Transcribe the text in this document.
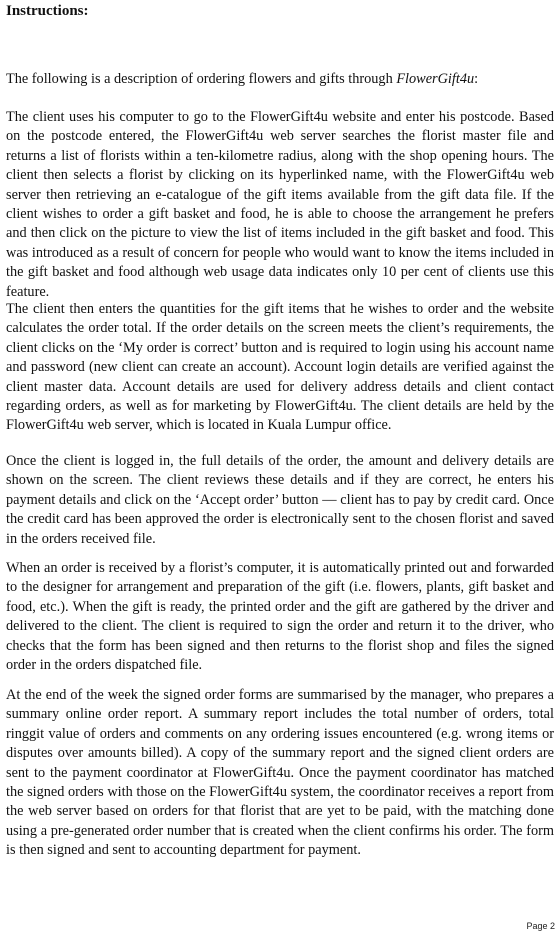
Instructions:

The following is a description of ordering flowers and gifts through FlowerGift4u:

The client uses his computer to go to the FlowerGift4u website and enter his postcode. Based on the postcode entered, the FlowerGift4u web server searches the florist master file and returns a list of florists within a ten-kilometre radius, along with the shop opening hours. The client then selects a florist by clicking on its hyperlinked name, with the FlowerGift4u web server then retrieving an e-catalogue of the gift items available from the gift data file. If the client wishes to order a gift basket and food, he is able to choose the arrangement he prefers and then click on the picture to view the list of items included in the gift basket and food. This was introduced as a result of concern for people who would want to know the items included in the gift basket and food although web usage data indicates only 10 per cent of clients use this feature.

The client then enters the quantities for the gift items that he wishes to order and the website calculates the order total. If the order details on the screen meets the client’s requirements, the client clicks on the ‘My order is correct’ button and is required to login using his account name and password (new client can create an account). Account login details are verified against the client master data. Account details are used for delivery address details and client contact regarding orders, as well as for marketing by FlowerGift4u. The client details are held by the FlowerGift4u web server, which is located in Kuala Lumpur office.

Once the client is logged in, the full details of the order, the amount and delivery details are shown on the screen. The client reviews these details and if they are correct, he enters his payment details and click on the ‘Accept order’ button — client has to pay by credit card. Once the credit card has been approved the order is electronically sent to the chosen florist and saved in the orders received file.

When an order is received by a florist’s computer, it is automatically printed out and forwarded to the designer for arrangement and preparation of the gift (i.e. flowers, plants, gift basket and food, etc.). When the gift is ready, the printed order and the gift are gathered by the driver and delivered to the client. The client is required to sign the order and return it to the driver, who checks that the form has been signed and then returns to the florist shop and files the signed order in the orders dispatched file.

At the end of the week the signed order forms are summarised by the manager, who prepares a summary online order report. A summary report includes the total number of orders, total ringgit value of orders and comments on any ordering issues encountered (e.g. wrong items or disputes over amounts billed). A copy of the summary report and the signed client orders are sent to the payment coordinator at FlowerGift4u. Once the payment coordinator has matched the signed orders with those on the FlowerGift4u system, the coordinator receives a report from the web server based on orders for that florist that are yet to be paid, with the matching done using a pre-generated order number that is created when the client confirms his order. The form is then signed and sent to accounting department for payment.

Page 2
